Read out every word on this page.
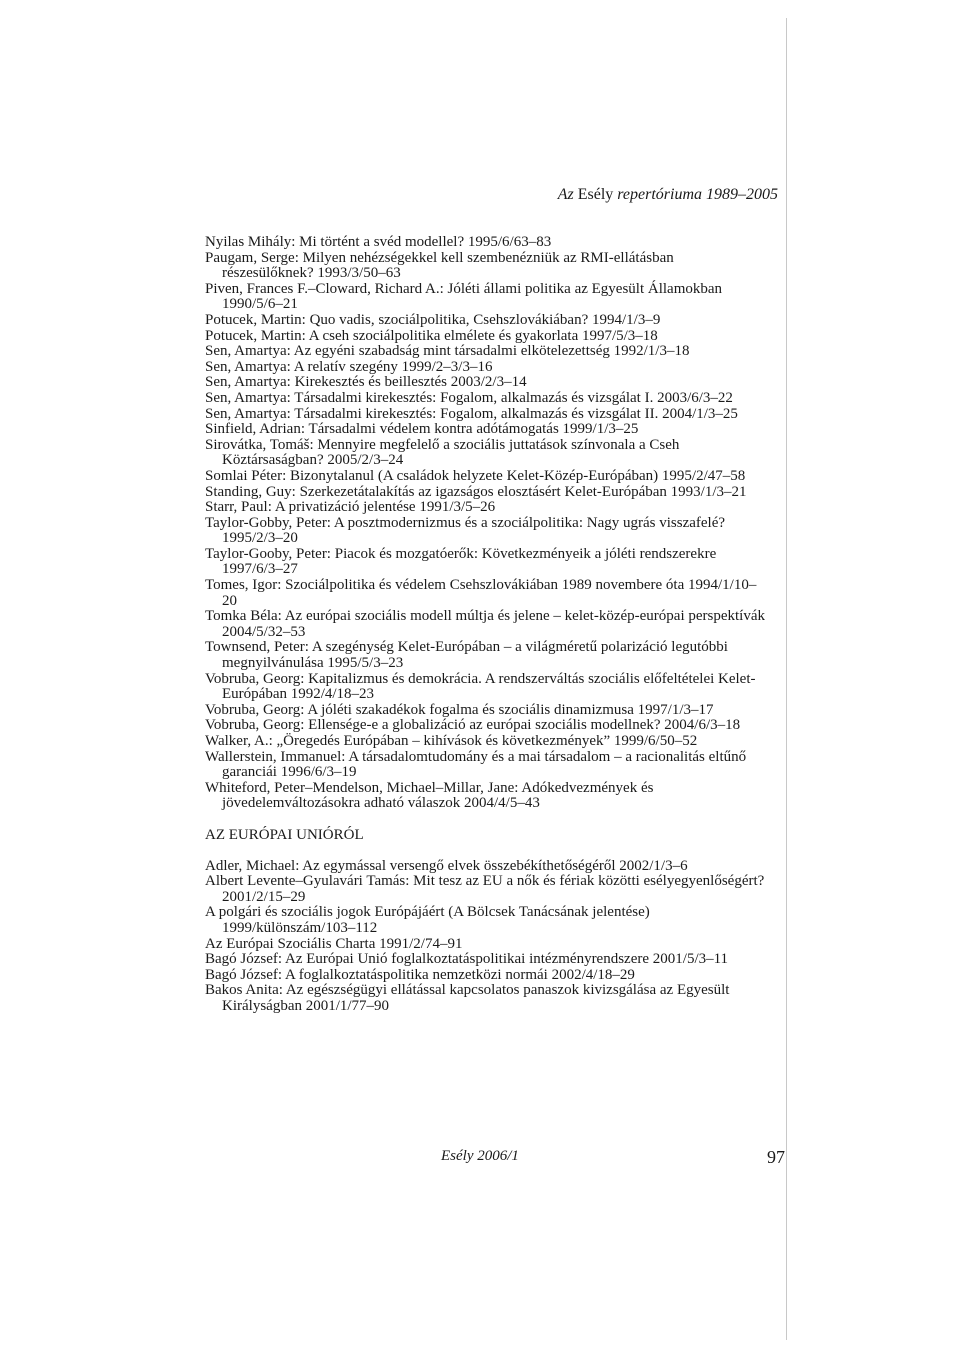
Az Esély repertóriuma 1989–2005

Nyilas Mihály: Mi történt a svéd modellel? 1995/6/63–83

Paugam, Serge: Milyen nehézségekkel kell szembenézniük az RMI-ellátásban részesülőknek? 1993/3/50–63

Piven, Frances F.–Cloward, Richard A.: Jóléti állami politika az Egyesült Államokban 1990/5/6–21

Potucek, Martin: Quo vadis, szociálpolitika, Csehszlovákiában? 1994/1/3–9

Potucek, Martin: A cseh szociálpolitika elmélete és gyakorlata 1997/5/3–18

Sen, Amartya: Az egyéni szabadság mint társadalmi elkötelezettség 1992/1/3–18

Sen, Amartya: A relatív szegény 1999/2–3/3–16

Sen, Amartya: Kirekesztés és beillesztés 2003/2/3–14

Sen, Amartya: Társadalmi kirekesztés: Fogalom, alkalmazás és vizsgálat I. 2003/6/3–22

Sen, Amartya: Társadalmi kirekesztés: Fogalom, alkalmazás és vizsgálat II. 2004/1/3–25

Sinfield, Adrian: Társadalmi védelem kontra adótámogatás 1999/1/3–25

Sirovátka, Tomáš: Mennyire megfelelő a szociális juttatások színvonala a Cseh Köztársaságban? 2005/2/3–24

Somlai Péter: Bizonytalanul (A családok helyzete Kelet-Közép-Európában) 1995/2/47–58

Standing, Guy: Szerkezetátalakítás az igazságos elosztásért Kelet-Európában 1993/1/3–21

Starr, Paul: A privatizáció jelentése 1991/3/5–26

Taylor-Gobby, Peter: A posztmodernizmus és a szociálpolitika: Nagy ugrás visszafelé? 1995/2/3–20

Taylor-Gooby, Peter: Piacok és mozgatóerők: Következményeik a jóléti rendszerekre 1997/6/3–27

Tomes, Igor: Szociálpolitika és védelem Csehszlovákiában 1989 novembere óta 1994/1/10–20

Tomka Béla: Az európai szociális modell múltja és jelene – kelet-közép-európai perspektívák 2004/5/32–53

Townsend, Peter: A szegénység Kelet-Európában – a világméretű polarizáció legutóbbi megnyilvánulása 1995/5/3–23

Vobruba, Georg: Kapitalizmus és demokrácia. A rendszerváltás szociális előfeltételei Kelet-Európában 1992/4/18–23

Vobruba, Georg: A jóléti szakadékok fogalma és szociális dinamizmusa 1997/1/3–17

Vobruba, Georg: Ellensége-e a globalizáció az európai szociális modellnek? 2004/6/3–18

Walker, A.: „Öregedés Európában – kihívások és következmények” 1999/6/50–52

Wallerstein, Immanuel: A társadalomtudomány és a mai társadalom – a racionalitás eltűnő garanciái 1996/6/3–19

Whiteford, Peter–Mendelson, Michael–Millar, Jane: Adókedvezmények és jövedelemváltozásokra adható válaszok 2004/4/5–43

AZ EURÓPAI UNIÓRÓL

Adler, Michael: Az egymással versengő elvek összebékíthetőségéről 2002/1/3–6

Albert Levente–Gyulavári Tamás: Mit tesz az EU a nők és fériak közötti esélyegyenlőségért? 2001/2/15–29

A polgári és szociális jogok Európájáért (A Bölcsek Tanácsának jelentése) 1999/különszám/103–112

Az Európai Szociális Charta 1991/2/74–91

Bagó József: Az Európai Unió foglalkoztatáspolitikai intézményrendszere 2001/5/3–11

Bagó József: A foglalkoztatáspolitika nemzetközi normái 2002/4/18–29

Bakos Anita: Az egészségügyi ellátással kapcsolatos panaszok kivizsgálása az Egyesült Királyságban 2001/1/77–90

Esély 2006/1	97
